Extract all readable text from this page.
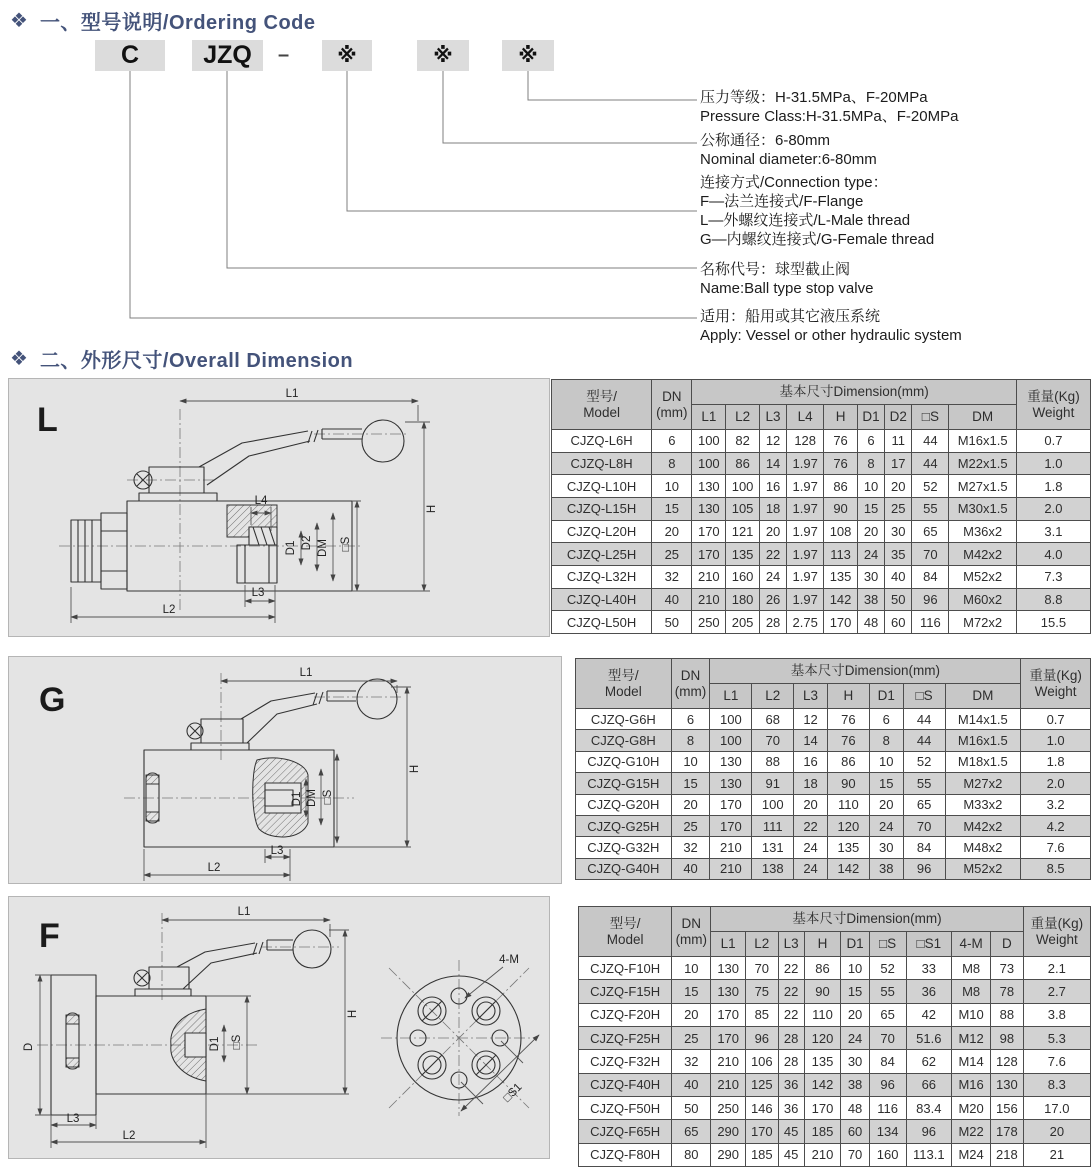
❖ 一、型号说明/Ordering Code
C	JZQ	–	※	※	※
压力等级：H-31.5MPa、F-20MPa
Pressure Class:H-31.5MPa、F-20MPa
公称通径：6-80mm
Nominal diameter:6-80mm
连接方式/Connection type：
F—法兰连接式/F-Flange
L—外螺纹连接式/L-Male thread
G—内螺纹连接式/G-Female thread
名称代号：球型截止阀
Name:Ball type stop valve
适用：船用或其它液压系统
Apply: Vessel or other hydraulic system
❖ 二、外形尺寸/Overall Dimension
L
L1
H
L4
D1 D2 DM □S
L3
L2
G
L1
H
D1 DM □S
L3
L2
F
L1
H
D	D1 □S
L3
L2
4-M
□S1
型号/
Model	DN
(mm)	基本尺寸Dimension(mm)									重量(Kg)
Weight
		L1	L2	L3	L4	H	D1	D2	□S	DM	
CJZQ-L6H	6	100	82	12	128	76	6	11	44	M16x1.5	0.7
CJZQ-L8H	8	100	86	14	1.97	76	8	17	44	M22x1.5	1.0
CJZQ-L10H	10	130	100	16	1.97	86	10	20	52	M27x1.5	1.8
CJZQ-L15H	15	130	105	18	1.97	90	15	25	55	M30x1.5	2.0
CJZQ-L20H	20	170	121	20	1.97	108	20	30	65	M36x2	3.1
CJZQ-L25H	25	170	135	22	1.97	113	24	35	70	M42x2	4.0
CJZQ-L32H	32	210	160	24	1.97	135	30	40	84	M52x2	7.3
CJZQ-L40H	40	210	180	26	1.97	142	38	50	96	M60x2	8.8
CJZQ-L50H	50	250	205	28	2.75	170	48	60	116	M72x2	15.5
型号/
Model	DN
(mm)	基本尺寸Dimension(mm)							重量(Kg)
Weight
		L1	L2	L3	H	D1	□S	DM	
CJZQ-G6H	6	100	68	12	76	6	44	M14x1.5	0.7
CJZQ-G8H	8	100	70	14	76	8	44	M16x1.5	1.0
CJZQ-G10H	10	130	88	16	86	10	52	M18x1.5	1.8
CJZQ-G15H	15	130	91	18	90	15	55	M27x2	2.0
CJZQ-G20H	20	170	100	20	110	20	65	M33x2	3.2
CJZQ-G25H	25	170	111	22	120	24	70	M42x2	4.2
CJZQ-G32H	32	210	131	24	135	30	84	M48x2	7.6
CJZQ-G40H	40	210	138	24	142	38	96	M52x2	8.5
型号/
Model	DN
(mm)	基本尺寸Dimension(mm)									重量(Kg)
Weight
		L1	L2	L3	H	D1	□S	□S1	4-M	D	
CJZQ-F10H	10	130	70	22	86	10	52	33	M8	73	2.1
CJZQ-F15H	15	130	75	22	90	15	55	36	M8	78	2.7
CJZQ-F20H	20	170	85	22	110	20	65	42	M10	88	3.8
CJZQ-F25H	25	170	96	28	120	24	70	51.6	M12	98	5.3
CJZQ-F32H	32	210	106	28	135	30	84	62	M14	128	7.6
CJZQ-F40H	40	210	125	36	142	38	96	66	M16	130	8.3
CJZQ-F50H	50	250	146	36	170	48	116	83.4	M20	156	17.0
CJZQ-F65H	65	290	170	45	185	60	134	96	M22	178	20
CJZQ-F80H	80	290	185	45	210	70	160	113.1	M24	218	21
